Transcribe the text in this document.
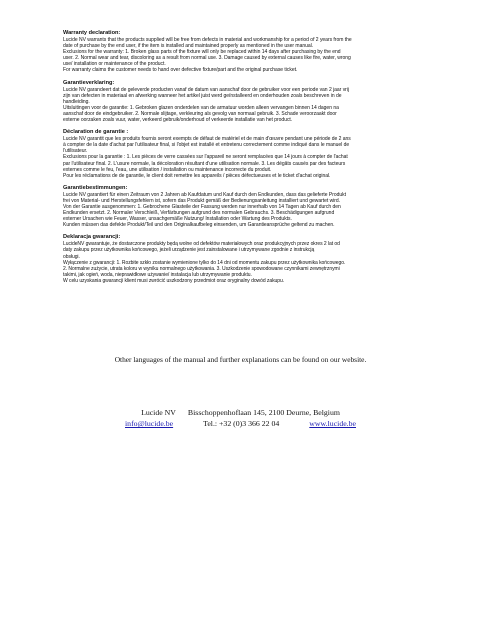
Warranty declaration:

Lucide NV warrants that the products supplied will be free from defects in material and workmanship for a period of 2 years from the

date of purchase by the end user, if the item is installed and maintained properly as mentioned in the user manual.

Exclusions for the warranty: 1. Broken glass parts of the fixture will only be replaced within 14 days after purchasing by the end

user. 2. Normal wear and tear, discoloring as a result from normal use. 3. Damage caused by external causes like fire, water, wrong

use/ installation or maintenance of the product.

For warranty claims the customer needs to hand over defective fixture/part and the original purchase ticket.

Garantieverklaring:

Lucide NV garandeert dat de geleverde producten vanaf de datum van aanschaf door de gebruiker voor een periode van 2 jaar vrij

zijn van defecten in materiaal en afwerking wanneer het artikel juist werd geïnstalleerd en onderhouden zoals beschreven in de

handleiding.

Uitsluitingen voor de garantie: 1. Gebroken glazen onderdelen van de armatuur worden alleen vervangen binnen 14 dagen na

aanschaf door de eindgebruiker. 2. Normale slijtage, verkleuring als gevolg van normaal gebruik. 3. Schade veroorzaakt door

externe oorzaken zoals vuur, water, verkeerd gebruik/onderhoud of verkeerde installatie van het product.

Déclaration de garantie :

Lucide NV garantit que les produits fournis seront exempts de défaut de matériel et de main d'œuvre pendant une période de 2 ans

à compter de la date d'achat par l'utilisateur final, si l'objet est installé et entretenu correctement comme indiqué dans le manuel de

l'utilisateur.

Exclusions pour la garantie : 1. Les pièces de verre cassées sur l'appareil ne seront remplacées que 14 jours à compter de l'achat

par l'utilisateur final. 2. L'usure normale, la décoloration résultant d'une utilisation normale. 3. Les dégâts causés par des facteurs

externes comme le feu, l'eau, une utilisation / installation ou maintenance incorrecte du produit.

Pour les réclamations de de garantie, le client doit remettre les appareils / pièces défectueuses et le ticket d'achat original.

Garantiebestimmungen:

Lucide NV garantiert für einen Zeitraum von 2 Jahren ab Kaufdatum und Kauf durch den Endkunden, dass das gelieferte Produkt

frei von Material- und Herstellungsfehlern ist, sofern das Produkt gemäß der Bedienungsanleitung installiert und gewartet wird.

Von der Garantie ausgenommen: 1. Gebrochene Glasteile der Fassung werden nur innerhalb von 14 Tagen ab Kauf durch den

Endkunden ersetzt. 2. Normaler Verschleiß, Verfärbungen aufgrund des normalen Gebrauchs. 3. Beschädigungen aufgrund

externer Ursachen wie Feuer, Wasser, unsachgemäße Nutzung/ Installation oder Wartung des Produkts.

Kunden müssen das defekte Produkt/Teil und den Originalkaufbeleg einsenden, um Garantieansprüche geltend zu machen.

Deklaracja gwarancji:

LucideNV gwarantuje, że dostarczone produkty będą wolne od defektów materiałowych oraz produkcyjnych przez okres 2 lat od

daty zakupu przez użytkownika końcowego, jeżeli urządzenie jest zainstalowane i utrzymywane zgodnie z instrukcją

obsługi.

Wyłączenie z gwarancji: 1. Rozbite szkło zostanie wymienione tylko do 14 dni od momentu zakupu przez użytkownika końcowego.

2. Normalne zużycie, utrata koloru w wyniku normalnego użytkowania. 3. Uszkodzenie spowodowane czynnikami zewnętrznymi

takimi, jak ogień, woda, nieprawidłowe używanie/ instalacja lub utrzymywanie produktu.

W celu uzyskania gwarancji klient musi zwrócić uszkodzony przedmiot oraz oryginalny dowód zakupu.

Other languages of the manual and further explanations can be found on our website.
Lucide NV Bisschoppenhoflaan 145, 2100 Deurne, Belgium
info@lucide.be	Tel.: +32 (0)3 366 22 04	www.lucide.be
